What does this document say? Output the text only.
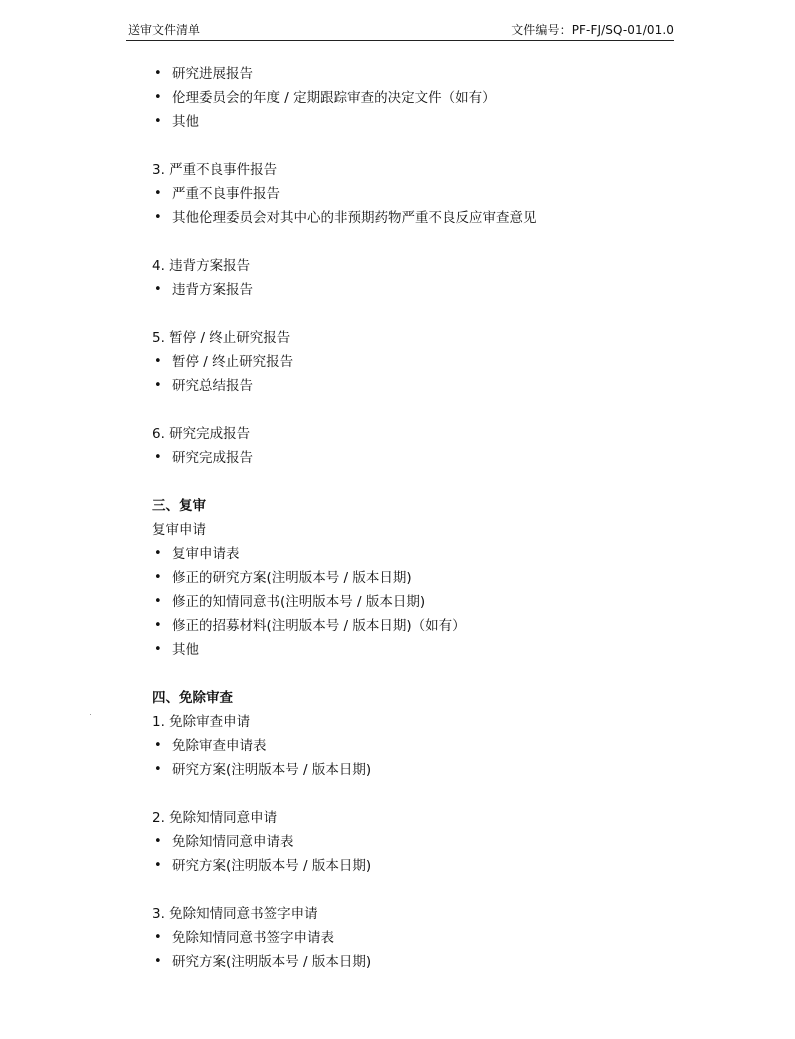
送审文件清单	文件编号：PF-FJ/SQ-01/01.0
• 研究进展报告
• 伦理委员会的年度 / 定期跟踪审查的决定文件（如有）
• 其他
3. 严重不良事件报告
• 严重不良事件报告
• 其他伦理委员会对其中心的非预期药物严重不良反应审查意见
4. 违背方案报告
• 违背方案报告
5. 暂停 / 终止研究报告
• 暂停 / 终止研究报告
• 研究总结报告
6. 研究完成报告
• 研究完成报告
三、复审
复审申请
• 复审申请表
• 修正的研究方案(注明版本号 / 版本日期)
• 修正的知情同意书(注明版本号 / 版本日期)
• 修正的招募材料(注明版本号 / 版本日期)（如有）
• 其他
四、免除审查
1. 免除审查申请
• 免除审查申请表
• 研究方案(注明版本号 / 版本日期)
2. 免除知情同意申请
• 免除知情同意申请表
• 研究方案(注明版本号 / 版本日期)
3. 免除知情同意书签字申请
• 免除知情同意书签字申请表
• 研究方案(注明版本号 / 版本日期)
